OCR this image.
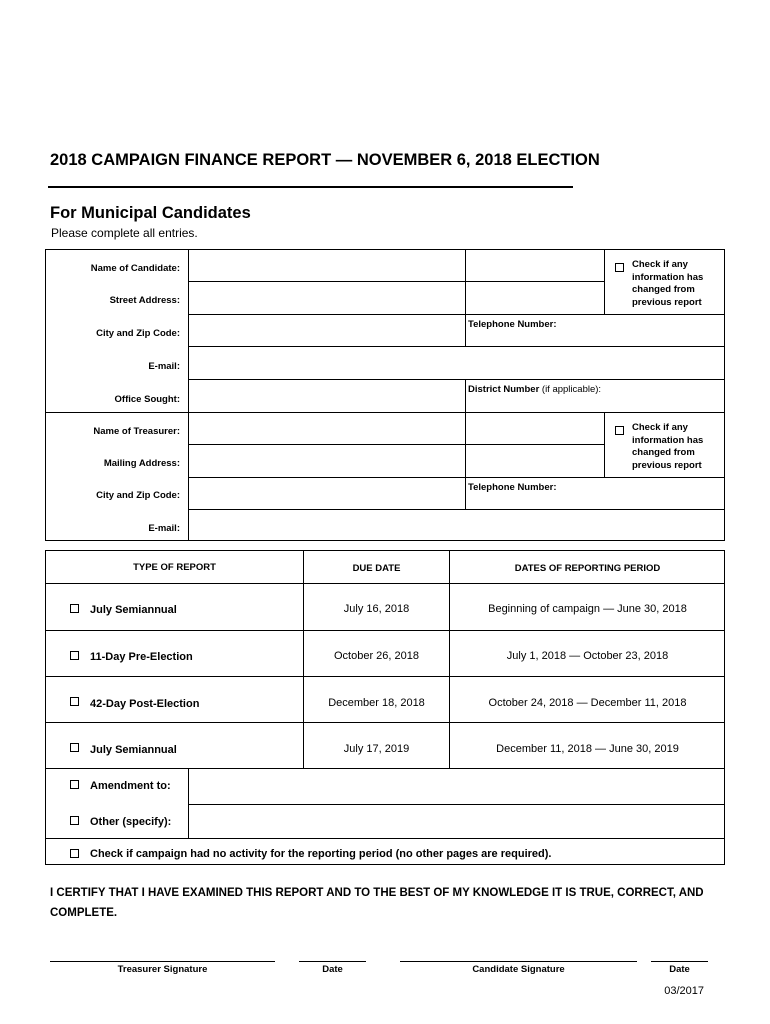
2018 CAMPAIGN FINANCE REPORT — NOVEMBER 6, 2018 ELECTION
For Municipal Candidates
Please complete all entries.
Name of Candidate:
Street Address:
City and Zip Code:
E-mail:
Office Sought:
Check if any information has changed from previous report
Telephone Number:
District Number (if applicable):
Name of Treasurer:
Mailing Address:
City and Zip Code:
E-mail:
Check if any information has changed from previous report
Telephone Number:
TYPE OF REPORT	DUE DATE	DATES OF REPORTING PERIOD
July Semiannual	July 16, 2018	Beginning of campaign — June 30, 2018
11-Day Pre-Election	October 26, 2018	July 1, 2018 — October 23, 2018
42-Day Post-Election	December 18, 2018	October 24, 2018 — December 11, 2018
July Semiannual	July 17, 2019	December 11, 2018 — June 30, 2019
Amendment to:
Other (specify):
Check if campaign had no activity for the reporting period (no other pages are required).
I CERTIFY THAT I HAVE EXAMINED THIS REPORT AND TO THE BEST OF MY KNOWLEDGE IT IS TRUE, CORRECT, AND COMPLETE.
Treasurer Signature	Date	Candidate Signature	Date
03/2017
